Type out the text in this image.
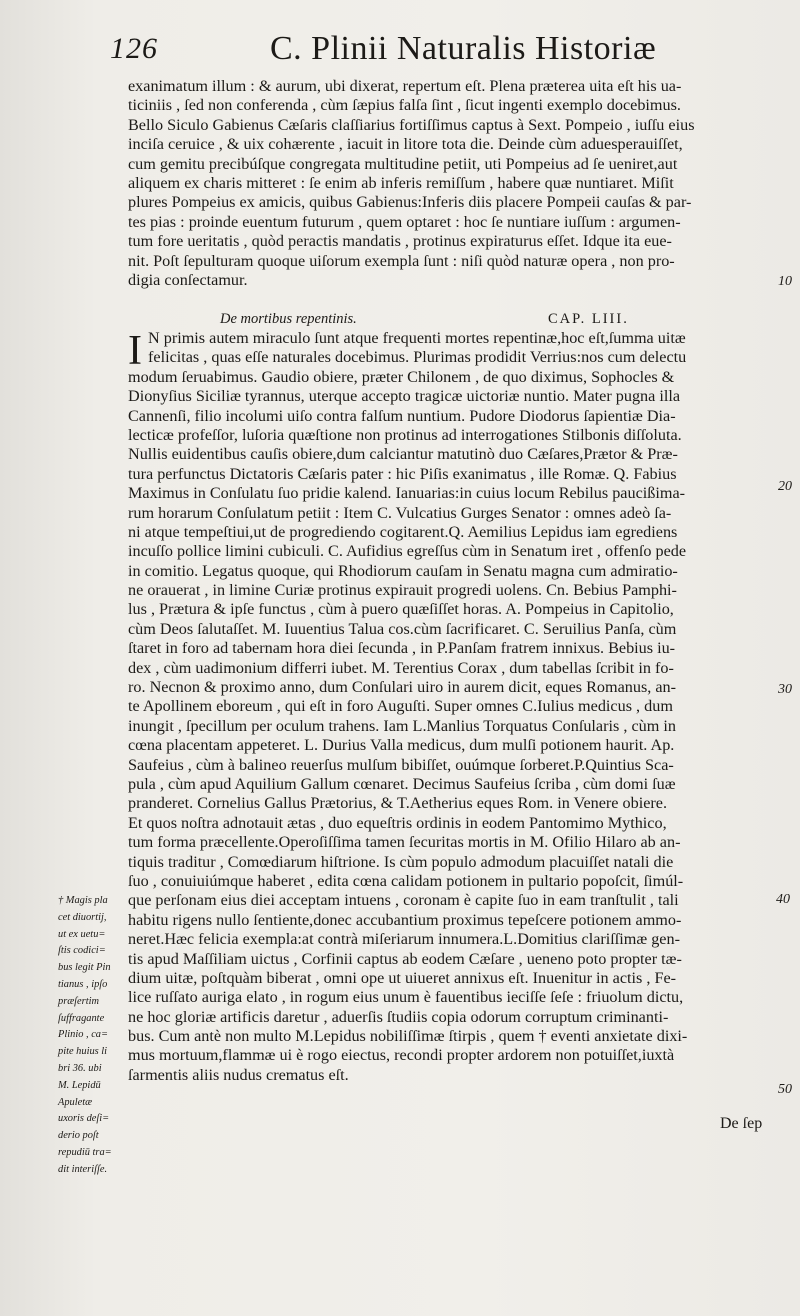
126	C. Plinii Naturalis Historiæ
exanimatum illum : & aurum, ubi dixerat, repertum eſt. Plena præterea uita eſt his ua-
ticiniis , ſed non conferenda , cùm ſæpius falſa ſint , ſicut ingenti exemplo docebimus.
Bello Siculo Gabienus Cæſaris claſſiarius fortiſſimus captus à Sext. Pompeio , iuſſu eius
inciſa ceruice , & uix cohærente , iacuit in litore tota die. Deinde cùm aduesperauiſſet,
cum gemitu precibúſque congregata multitudine petiit, uti Pompeius ad ſe ueniret,aut
aliquem ex charis mitteret : ſe enim ab inferis remiſſum , habere quæ nuntiaret. Miſit
plures Pompeius ex amicis, quibus Gabienus:Inferis diis placere Pompeii cauſas & par-
tes pias : proinde euentum futurum , quem optaret : hoc ſe nuntiare iuſſum : argumen-
tum fore ueritatis , quòd peractis mandatis , protinus expiraturus eſſet. Idque ita eue-
nit. Poſt ſepulturam quoque uiſorum exempla ſunt : niſi quòd naturæ opera , non pro-
digia conſectamur.
De mortibus repentinis.	CAP. LIII.
I N primis autem miraculo ſunt atque frequenti mortes repentinæ,hoc eſt,ſumma uitæ
felicitas , quas eſſe naturales docebimus. Plurimas prodidit Verrius:nos cum delectu
modum ſeruabimus. Gaudio obiere, præter Chilonem , de quo diximus, Sophocles &
Dionyſius Siciliæ tyrannus, uterque accepto tragicæ uictoriæ nuntio. Mater pugna illa
Cannenſi, filio incolumi uiſo contra falſum nuntium. Pudore Diodorus ſapientiæ Dia-
lecticæ profeſſor, luſoria quæſtione non protinus ad interrogationes Stilbonis diſſoluta.
Nullis euidentibus cauſis obiere,dum calciantur matutinò duo Cæſares,Prætor & Præ-
tura perfunctus Dictatoris Cæſaris pater : hic Piſis exanimatus , ille Romæ. Q. Fabius
Maximus in Conſulatu ſuo pridie kalend. Ianuarias:in cuius locum Rebilus paucißima-
rum horarum Conſulatum petiit : Item C. Vulcatius Gurges Senator : omnes adeò ſa-
ni atque tempeſtiui,ut de progrediendo cogitarent.Q. Aemilius Lepidus iam egrediens
incuſſo pollice limini cubiculi. C. Aufidius egreſſus cùm in Senatum iret , offenſo pede
in comitio. Legatus quoque, qui Rhodiorum cauſam in Senatu magna cum admiratio-
ne orauerat , in limine Curiæ protinus expirauit progredi uolens. Cn. Bebius Pamphi-
lus , Prætura & ipſe functus , cùm à puero quæſiſſet horas. A. Pompeius in Capitolio,
cùm Deos ſalutaſſet. M. Iuuentius Talua cos.cùm ſacrificaret. C. Seruilius Panſa, cùm
ſtaret in foro ad tabernam hora diei ſecunda , in P.Panſam fratrem innixus. Bebius iu-
dex , cùm uadimonium differri iubet. M. Terentius Corax , dum tabellas ſcribit in fo-
ro. Necnon & proximo anno, dum Conſulari uiro in aurem dicit, eques Romanus, an-
te Apollinem eboreum , qui eſt in foro Auguſti. Super omnes C.Iulius medicus , dum
inungit , ſpecillum per oculum trahens. Iam L.Manlius Torquatus Conſularis , cùm in
cœna placentam appeteret. L. Durius Valla medicus, dum mulſi potionem haurit. Ap.
Saufeius , cùm à balineo reuerſus mulſum bibiſſet, ouúmque ſorberet.P.Quintius Sca-
pula , cùm apud Aquilium Gallum cœnaret. Decimus Saufeius ſcriba , cùm domi ſuæ
pranderet. Cornelius Gallus Prætorius, & T.Aetherius eques Rom. in Venere obiere.
Et quos noſtra adnotauit ætas , duo equeſtris ordinis in eodem Pantomimo Mythico,
tum forma præcellente.Operoſiſſima tamen ſecuritas mortis in M. Ofilio Hilaro ab an-
tiquis traditur , Comœdiarum hiſtrione. Is cùm populo admodum placuiſſet natali die
ſuo , conuiuiúmque haberet , edita cœna calidam potionem in pultario popoſcit, ſimúl-
que perſonam eius diei acceptam intuens , coronam è capite ſuo in eam tranſtulit , tali
habitu rigens nullo ſentiente,donec accubantium proximus tepeſcere potionem ammo-
neret.Hæc felicia exempla:at contrà miſeriarum innumera.L.Domitius clariſſimæ gen-
tis apud Maſſiliam uictus , Corfinii captus ab eodem Cæſare , ueneno poto propter tæ-
dium uitæ, poſtquàm biberat , omni ope ut uiueret annixus eſt. Inuenitur in actis , Fe-
lice ruſſato auriga elato , in rogum eius unum è fauentibus ieciſſe ſeſe : friuolum dictu,
ne hoc gloriæ artificis daretur , aduerſis ſtudiis copia odorum corruptum criminanti-
bus. Cum antè non multo M.Lepidus nobiliſſimæ ſtirpis , quem † eventi anxietate dixi-
mus mortuum,flammæ ui è rogo eiectus, recondi propter ardorem non potuiſſet,iuxtà
ſarmentis aliis nudus crematus eſt.
10
20
30
40
50
† Magis pla
cet diuortij,
ut ex uetu=
ſtis codici=
bus legit Pin
tianus , ipſo
præſertim
ſuffragante
Plinio , ca=
pite huius li
bri 36. ubi
M. Lepidū
Apuletæ
uxoris deſi=
derio poſt
repudiū tra=
dit interiſſe.
De ſep
